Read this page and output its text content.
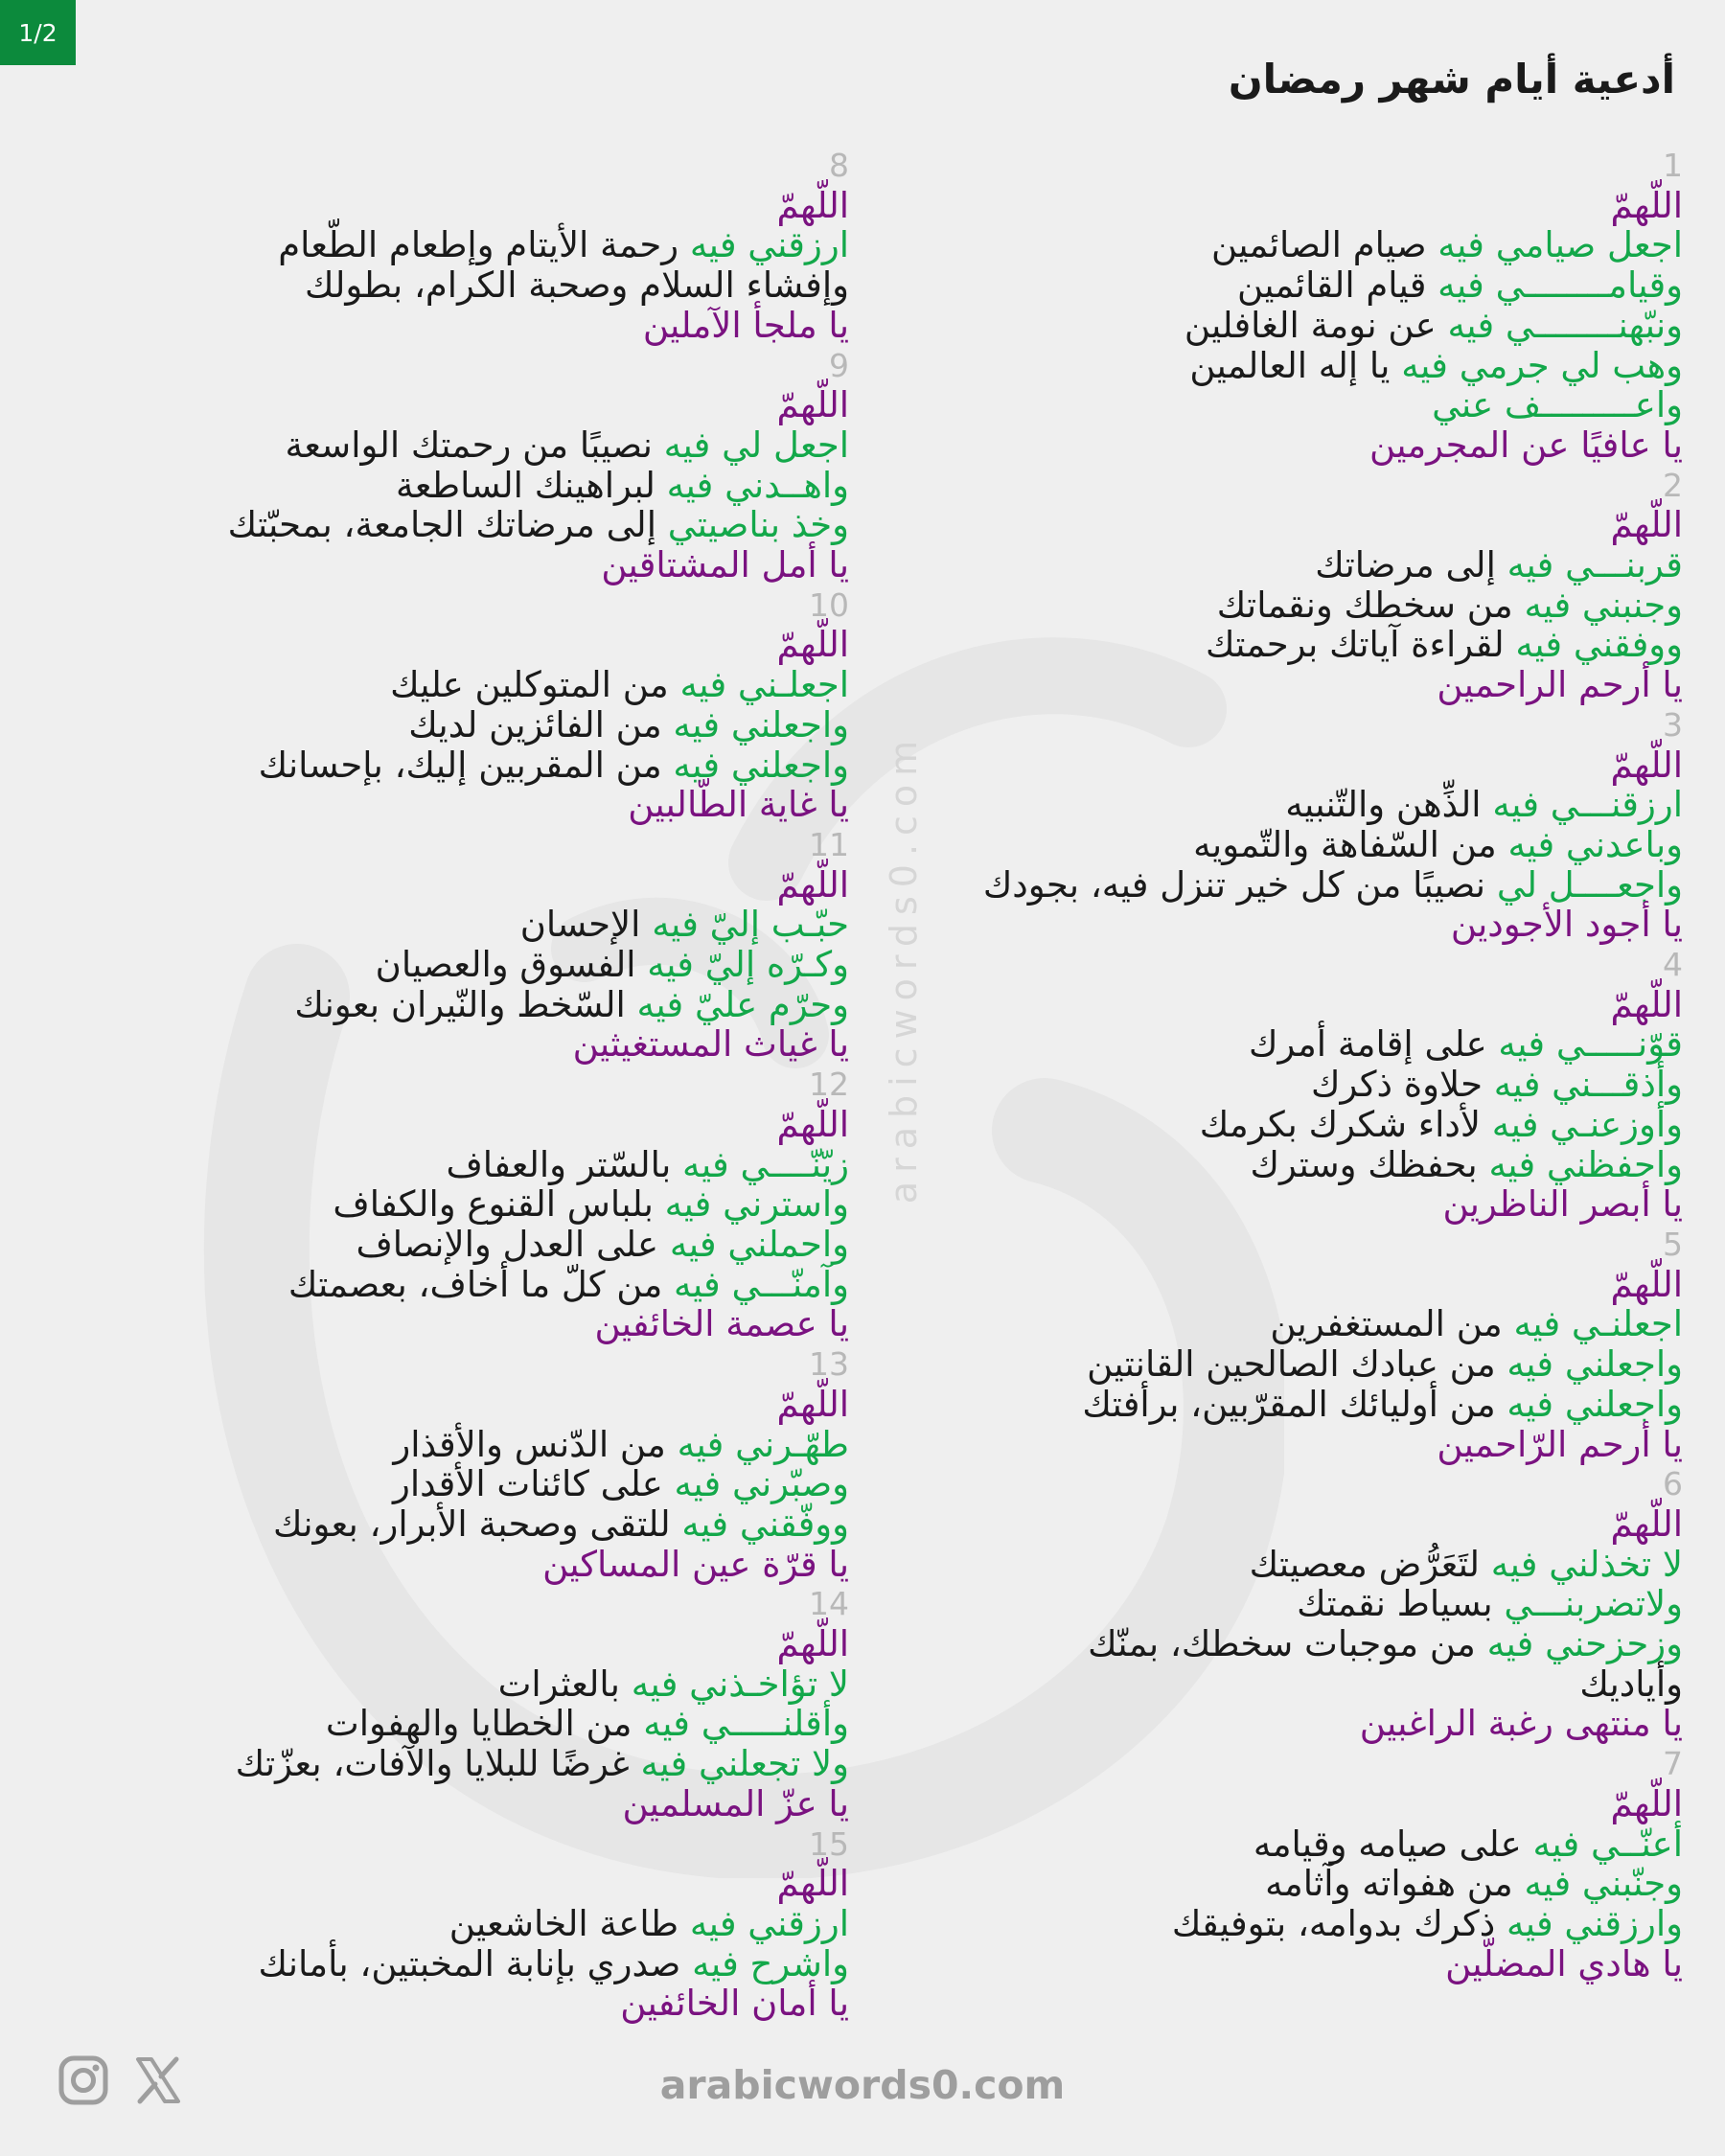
1/2
arabicwords0.com
أدعية أيام شهر رمضان
1
اللّهمّ
اجعل صيامي فيه صيام الصائمين
وقيامــــــــي فيه قيام القائمين
ونبّهنــــــــي فيه عن نومة الغافلين
وهب لي جرمي فيه يا إله العالمين
واعـــــــــف عني
يا عافيًا عن المجرمين
2
اللّهمّ
قربنـــي فيه إلى مرضاتك
وجنبني فيه من سخطك ونقماتك
ووفقني فيه لقراءة آياتك برحمتك
يا أرحم الراحمين
3
اللّهمّ
ارزقنـــي فيه الذِّهن والتّنبيه
وباعدني فيه من السّفاهة والتّمويه
واجعــــل لي نصيبًا من كل خير تنزل فيه، بجودك
يا أجود الأجودين
4
اللّهمّ
قوّنـــــي فيه على إقامة أمرك
وأذقـــني فيه حلاوة ذكرك
وأوزعنـي فيه لأداء شكرك بكرمك
واحفظني فيه بحفظك وسترك
يا أبصر الناظرين
5
اللّهمّ
اجعلنـي فيه من المستغفرين
واجعلني فيه من عبادك الصالحين القانتين
واجعلني فيه من أوليائك المقرّبين، برأفتك
يا أرحم الرّاحمين
6
اللّهمّ
لا تخذلني فيه لتَعَرُّض معصيتك
ولاتضربنـــي بسياط نقمتك
وزحزحني فيه من موجبات سخطك، بمنّك
وأياديك
يا منتهى رغبة الراغبين
7
اللّهمّ
أعنّــي فيه على صيامه وقيامه
وجنّبني فيه من هفواته وآثامه
وارزقني فيه ذكرك بدوامه، بتوفيقك
يا هادي المضلّين
8
اللّهمّ
ارزقني فيه رحمة الأيتام وإطعام الطّعام
وإفشاء السلام وصحبة الكرام، بطولك
يا ملجأ الآملين
9
اللّهمّ
اجعل لي فيه نصيبًا من رحمتك الواسعة
واهــدني فيه لبراهينك الساطعة
وخذ بناصيتي إلى مرضاتك الجامعة، بمحبّتك
يا أمل المشتاقين
10
اللّهمّ
اجعلـني فيه من المتوكلين عليك
واجعلني فيه من الفائزين لديك
واجعلني فيه من المقربين إليك، بإحسانك
يا غاية الطّالبين
11
اللّهمّ
حبّـب إليّ فيه الإحسان
وكـرّه إليّ فيه الفسوق والعصيان
وحرّم عليّ فيه السّخط والنّيران بعونك
يا غياث المستغيثين
12
اللّهمّ
زيّنّــــي فيه بالسّتر والعفاف
واسترني فيه بلباس القنوع والكفاف
واحملني فيه على العدل والإنصاف
وآمنّـــي فيه من كلّ ما أخاف، بعصمتك
يا عصمة الخائفين
13
اللّهمّ
طهّـرني فيه من الدّنس والأقذار
وصبّرني فيه على كائنات الأقدار
ووفّقني فيه للتقى وصحبة الأبرار، بعونك
يا قرّة عين المساكين
14
اللّهمّ
لا تؤاخـذني فيه بالعثرات
وأقلنـــــي فيه من الخطايا والهفوات
ولا تجعلني فيه غرضًا للبلايا والآفات، بعزّتك
يا عزّ المسلمين
15
اللّهمّ
ارزقني فيه طاعة الخاشعين
واشرح فيه صدري بإنابة المخبتين، بأمانك
يا أمان الخائفين
arabicwords0.com
